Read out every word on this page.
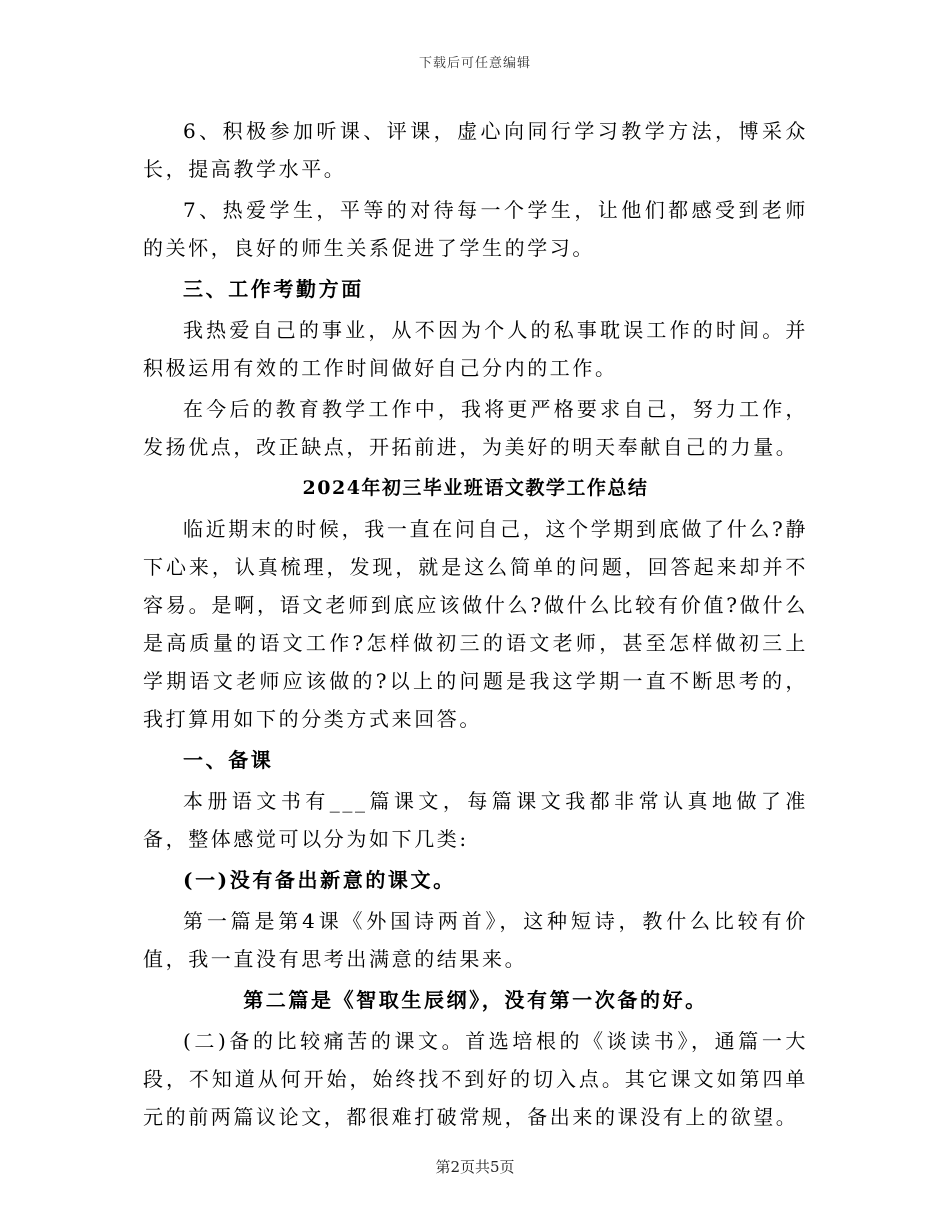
下载后可任意编辑

6、积极参加听课、评课，虚心向同行学习教学方法，博采众长，提高教学水平。

7、热爱学生，平等的对待每一个学生，让他们都感受到老师的关怀，良好的师生关系促进了学生的学习。

三、工作考勤方面

我热爱自己的事业，从不因为个人的私事耽误工作的时间。并积极运用有效的工作时间做好自己分内的工作。

在今后的教育教学工作中，我将更严格要求自己，努力工作，发扬优点，改正缺点，开拓前进，为美好的明天奉献自己的力量。

2024年初三毕业班语文教学工作总结

临近期末的时候，我一直在问自己，这个学期到底做了什么?静下心来，认真梳理，发现，就是这么简单的问题，回答起来却并不容易。是啊，语文老师到底应该做什么?做什么比较有价值?做什么是高质量的语文工作?怎样做初三的语文老师，甚至怎样做初三上学期语文老师应该做的?以上的问题是我这学期一直不断思考的，我打算用如下的分类方式来回答。

一、备课

本册语文书有___篇课文，每篇课文我都非常认真地做了准备，整体感觉可以分为如下几类:

(一)没有备出新意的课文。

第一篇是第4课《外国诗两首》，这种短诗，教什么比较有价值，我一直没有思考出满意的结果来。

第二篇是《智取生辰纲》，没有第一次备的好。

(二)备的比较痛苦的课文。首选培根的《谈读书》，通篇一大段，不知道从何开始，始终找不到好的切入点。其它课文如第四单元的前两篇议论文，都很难打破常规，备出来的课没有上的欲望。

第2页共5页
